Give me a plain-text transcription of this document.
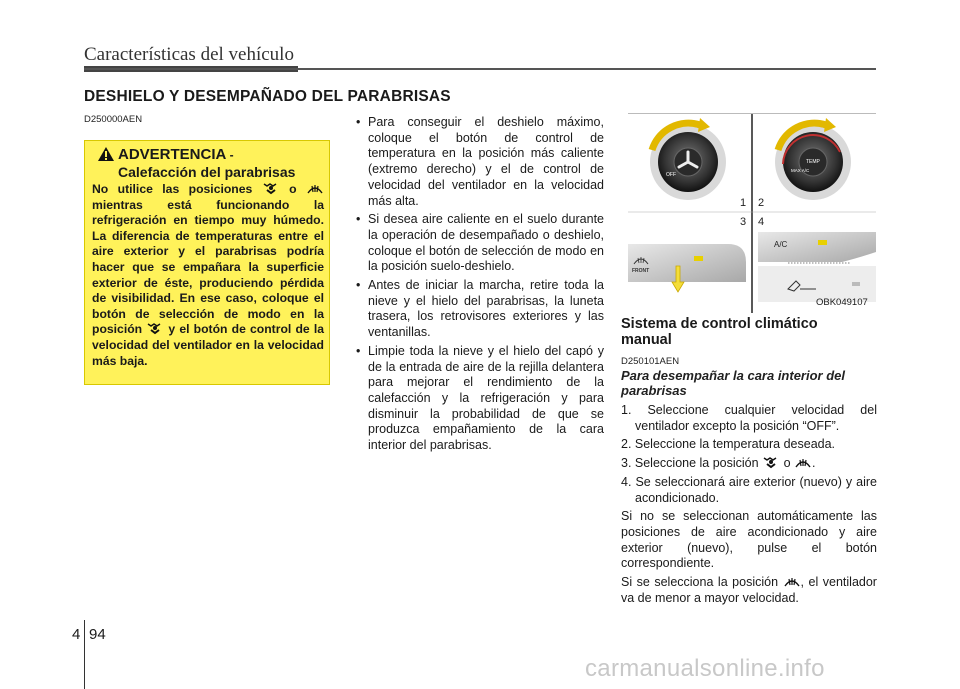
Características del vehículo
DESHIELO Y DESEMPAÑADO DEL PARABRISAS
D250000AEN
ADVERTENCIA -
Calefacción del parabrisas
No utilice las posiciones	o  mientras está funcionando la refrigeración en tiempo muy húmedo. La diferencia de temperaturas entre el aire exterior y el parabrisas podría hacer que se empañara la superficie exterior de éste, produciendo pérdida de visibilidad. En ese caso, coloque el botón de selección de modo en la posición y el botón de control de la velocidad del ventilador en la velocidad más baja.
• Para conseguir el deshielo máximo, coloque el botón de control de temperatura en la posición más caliente (extremo derecho) y el de control de velocidad del ventilador en la velocidad más alta.
• Si desea aire caliente en el suelo durante la operación de desempañado o deshielo, coloque el botón de selección de modo en la posición suelo-deshielo.
• Antes de iniciar la marcha, retire toda la nieve y el hielo del parabrisas, la luneta trasera, los retrovisores exteriores y las ventanillas.
• Limpie toda la nieve y el hielo del capó y de la entrada de aire de la rejilla delantera para mejorar el rendimiento de la calefacción y la refrigeración y para disminuir la probabilidad de que se produzca empañamiento de la cara interior del parabrisas.
OFF
TEMP
MAX A/C
1 2
3 4
FRONT
A/C
OBK049107
Sistema de control climático manual
D250101AEN
Para desempañar la cara interior del parabrisas

1. Seleccione cualquier velocidad del ventilador excepto la posición “OFF”.

2. Seleccione la temperatura deseada.

3. Seleccione la posición o .

4. Se seleccionará aire exterior (nuevo) y aire acondicionado.

Si no se seleccionan automáticamente las posiciones de aire acondicionado y aire exterior (nuevo), pulse el botón correspondiente.

Si se selecciona la posición , el ventilador va de menor a mayor velocidad.

4 94
carmanualsonline.info
